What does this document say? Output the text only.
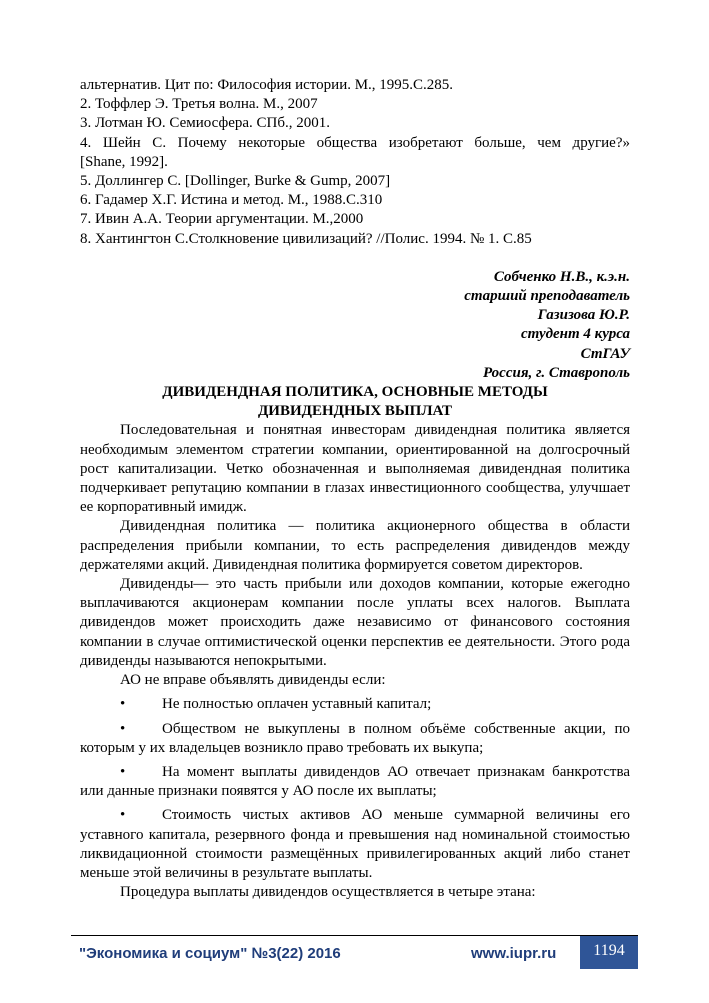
альтернатив. Цит по: Философия истории. М., 1995.С.285.
2. Тоффлер Э. Третья волна. М., 2007
3. Лотман Ю. Семиосфера. СПб., 2001.
4. Шейн С. Почему некоторые общества изобретают больше, чем другие?»
[Shane, 1992].
5. Доллингер С. [Dollinger, Burke & Gump, 2007]
6. Гадамер Х.Г. Истина и метод. М., 1988.С.310
7. Ивин А.А. Теории аргументации. М.,2000
8. Хантингтон С.Столкновение цивилизаций? //Полис. 1994. № 1. С.85
Собченко Н.В., к.э.н.
старший преподаватель
Газизова Ю.Р.
студент 4 курса
СтГАУ
Россия, г. Ставрополь
ДИВИДЕНДНАЯ ПОЛИТИКА, ОСНОВНЫЕ МЕТОДЫ
ДИВИДЕНДНЫХ ВЫПЛАТ
Последовательная и понятная инвесторам дивидендная политика является необходимым элементом стратегии компании, ориентированной на долгосрочный рост капитализации. Четко обозначенная и выполняемая дивидендная политика подчеркивает репутацию компании в глазах инвестиционного сообщества, улучшает ее корпоративный имидж.
Дивидендная политика — политика акционерного общества в области распределения прибыли компании, то есть распределения дивидендов между держателями акций. Дивидендная политика формируется советом директоров.
Дивиденды— это часть прибыли или доходов компании, которые ежегодно выплачиваются акционерам компании после уплаты всех налогов. Выплата дивидендов может происходить даже независимо от финансового состояния компании в случае оптимистической оценки перспектив ее деятельности. Этого рода дивиденды называются непокрытыми.
АО не вправе объявлять дивиденды если:
• Не полностью оплачен уставный капитал;
• Обществом не выкуплены в полном объёме собственные акции, по которым у их владельцев возникло право требовать их выкупа;
• На момент выплаты дивидендов АО отвечает признакам банкротства или данные признаки появятся у АО после их выплаты;
• Стоимость чистых активов АО меньше суммарной величины его уставного капитала, резервного фонда и превышения над номинальной стоимостью ликвидационной стоимости размещённых привилегированных акций либо станет меньше этой величины в результате выплаты.
Процедура выплаты дивидендов осуществляется в четыре этана:
"Экономика и социум" №3(22) 2016	www.iupr.ru	1194
